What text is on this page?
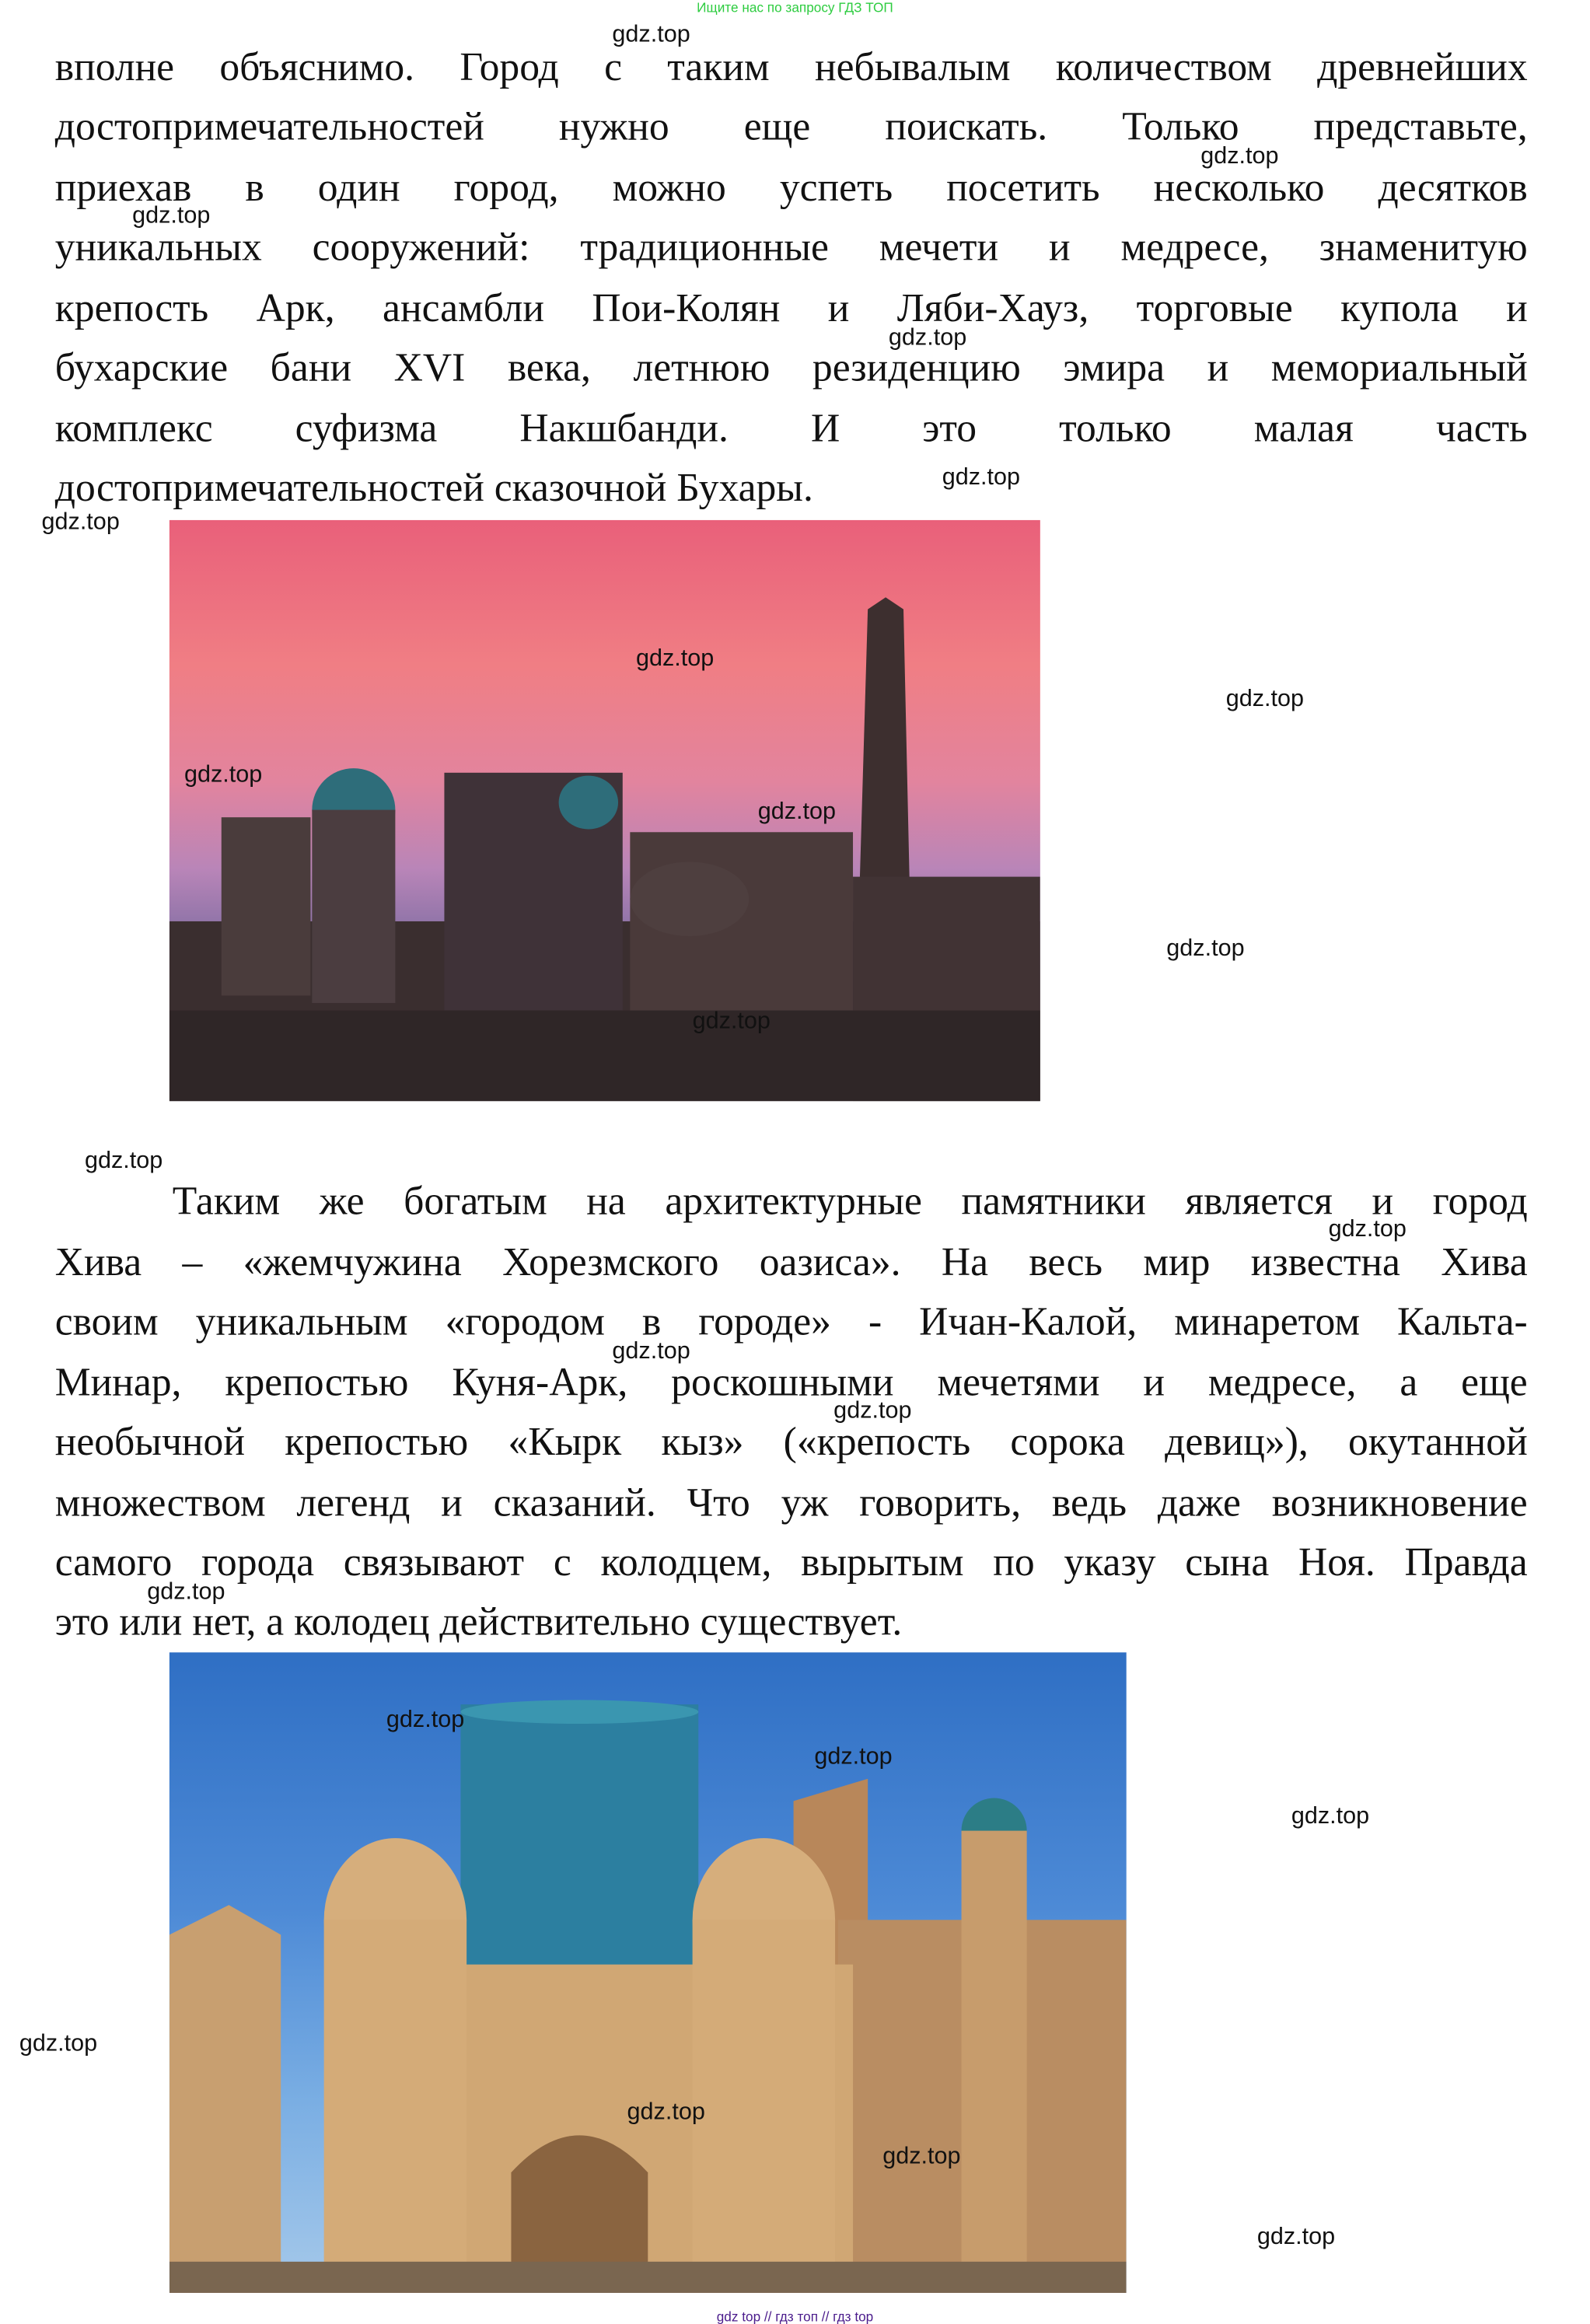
Ищите нас по запросу ГДЗ ТОП
вполне объяснимо. Город с таким небывалым количеством древнейших
достопримечательностей нужно еще поискать. Только представьте,
приехав в один город, можно успеть посетить несколько десятков
уникальных сооружений: традиционные мечети и медресе, знаменитую
крепость Арк, ансамбли Пои-Колян и Ляби-Хауз, торговые купола и
бухарские бани XVI века, летнюю резиденцию эмира и мемориальный
комплекс суфизма Накшбанди. И это только малая часть
достопримечательностей сказочной Бухары.
Таким же богатым на архитектурные памятники является и город
Хива – «жемчужина Хорезмского оазиса». На весь мир известна Хива
своим уникальным «городом в городе» - Ичан-Калой, минаретом Кальта-
Минар, крепостью Куня-Арк, роскошными мечетями и медресе, а еще
необычной крепостью «Кырк кыз» («крепость сорока девиц»), окутанной
множеством легенд и сказаний. Что уж говорить, ведь даже возникновение
самого города связывают с колодцем, вырытым по указу сына Ноя. Правда
это или нет, а колодец действительно существует.
gdz.top
gdz.top
gdz.top
gdz.top
gdz.top
gdz.top
gdz.top
gdz.top
gdz.top
gdz.top
gdz.top
gdz.top
gdz.top
gdz.top
gdz.top
gdz.top
gdz.top
gdz.top
gdz.top
gdz.top
gdz.top
gdz.top
gdz.top
gdz.top
gdz top // гдз топ // гдз top
